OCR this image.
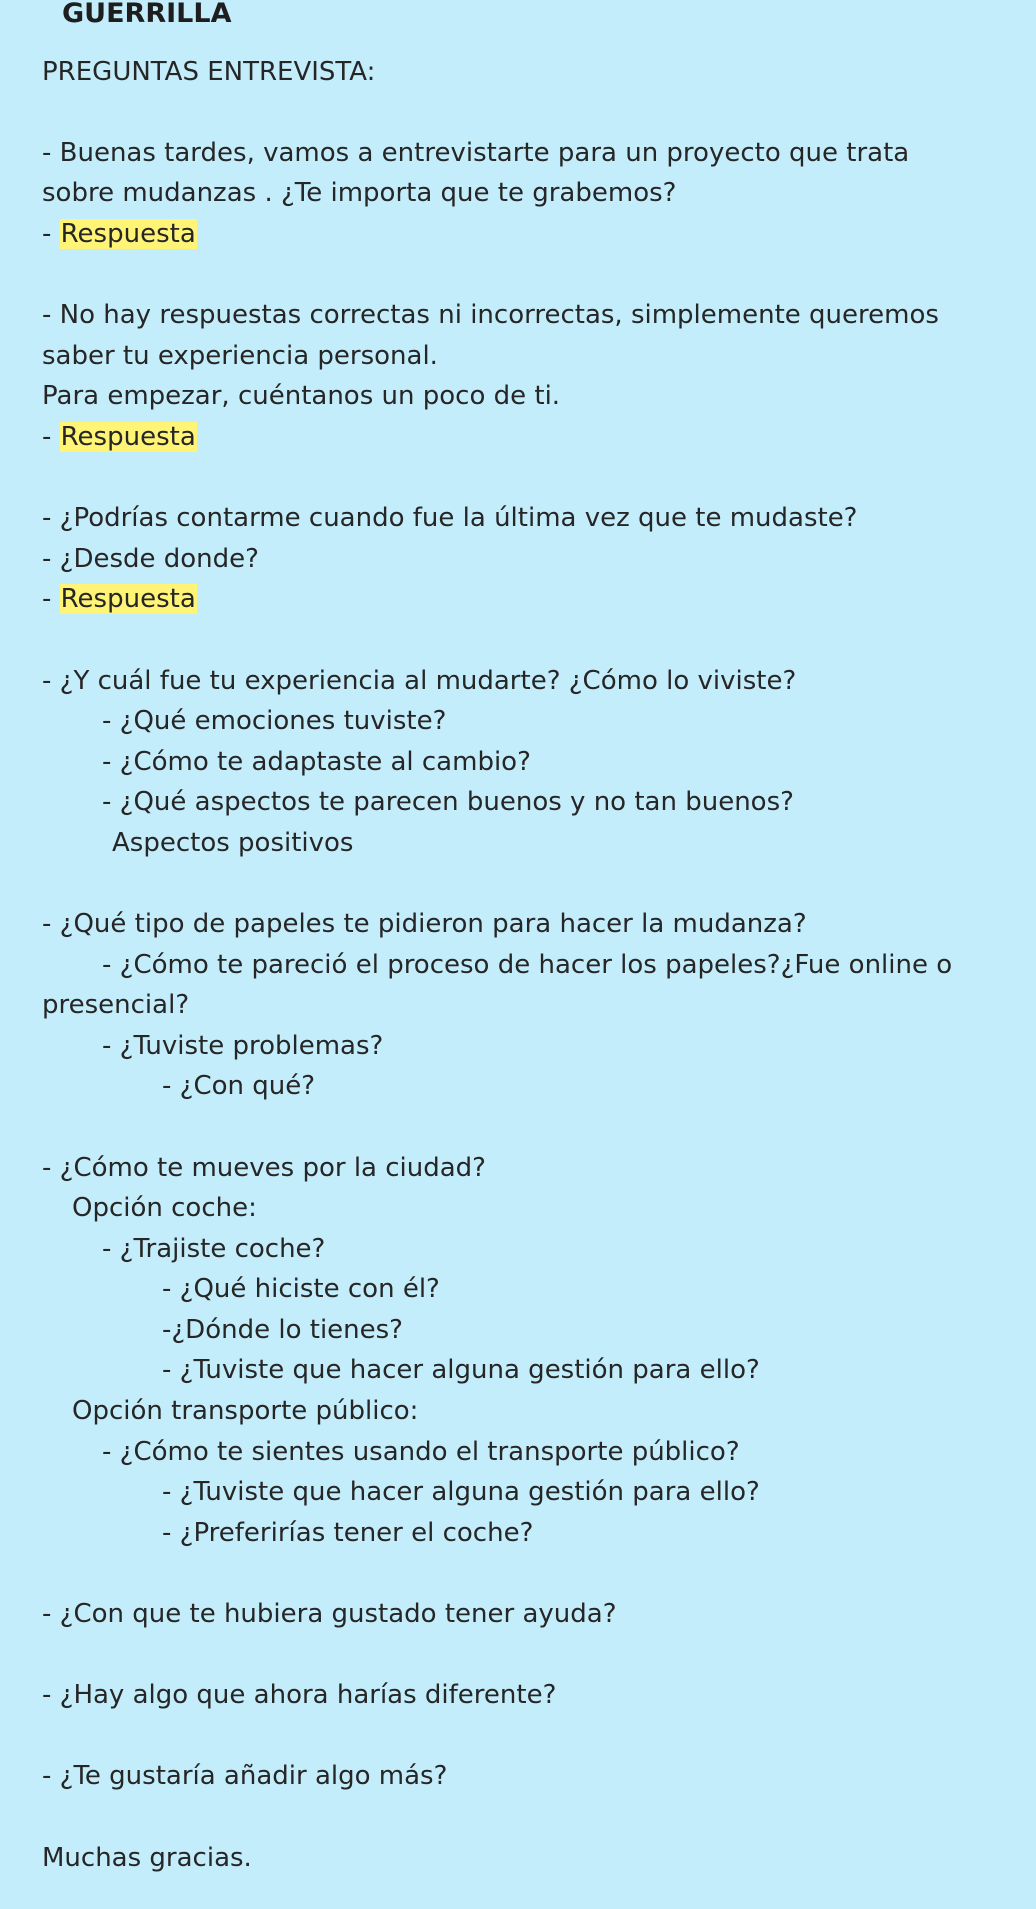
GUERRILLA
PREGUNTAS ENTREVISTA:
- Buenas tardes, vamos a entrevistarte para un proyecto que trata
sobre mudanzas . ¿Te importa que te grabemos?
- Respuesta
- No hay respuestas correctas ni incorrectas, simplemente queremos
saber tu experiencia personal.
Para empezar, cuéntanos un poco de ti.
- Respuesta
- ¿Podrías contarme cuando fue la última vez que te mudaste?
- ¿Desde donde?
- Respuesta
- ¿Y cuál fue tu experiencia al mudarte? ¿Cómo lo viviste?
- ¿Qué emociones tuviste?
- ¿Cómo te adaptaste al cambio?
- ¿Qué aspectos te parecen buenos y no tan buenos?
Aspectos positivos
- ¿Qué tipo de papeles te pidieron para hacer la mudanza?
- ¿Cómo te pareció el proceso de hacer los papeles?¿Fue online o
presencial?
- ¿Tuviste problemas?
- ¿Con qué?
- ¿Cómo te mueves por la ciudad?
Opción coche:
- ¿Trajiste coche?
- ¿Qué hiciste con él?
-¿Dónde lo tienes?
- ¿Tuviste que hacer alguna gestión para ello?
Opción transporte público:
- ¿Cómo te sientes usando el transporte público?
- ¿Tuviste que hacer alguna gestión para ello?
- ¿Preferirías tener el coche?
- ¿Con que te hubiera gustado tener ayuda?
- ¿Hay algo que ahora harías diferente?
- ¿Te gustaría añadir algo más?
Muchas gracias.
